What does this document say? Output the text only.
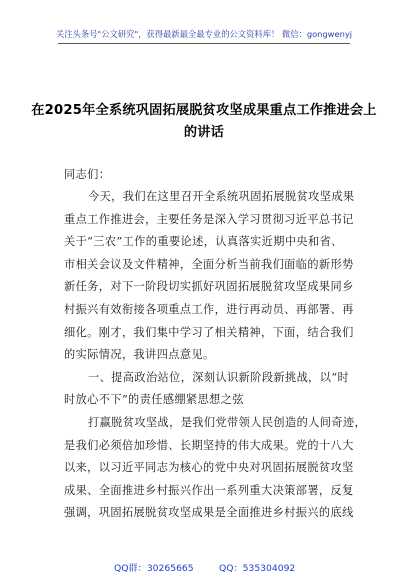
关注头条号"公文研究"，获得最新最全最专业的公文资料库！ 微信：gongwenyj
在2025年全系统巩固拓展脱贫攻坚成果重点工作推进会上
的讲话
同志们：
今天，我们在这里召开全系统巩固拓展脱贫攻坚成果
重点工作推进会，主要任务是深入学习贯彻习近平总书记
关于“三农”工作的重要论述，认真落实近期中央和省、
市相关会议及文件精神，全面分析当前我们面临的新形势
新任务，对下一阶段切实抓好巩固拓展脱贫攻坚成果同乡
村振兴有效衔接各项重点工作，进行再动员、再部署、再
细化。刚才，我们集中学习了相关精神，下面，结合我们
的实际情况，我讲四点意见。
一、提高政治站位，深刻认识新阶段新挑战，以“时
时放心不下”的责任感绷紧思想之弦
打赢脱贫攻坚战，是我们党带领人民创造的人间奇迹，
是我们必须倍加珍惜、长期坚持的伟大成果。党的十八大
以来，以习近平同志为核心的党中央对巩固拓展脱贫攻坚
成果、全面推进乡村振兴作出一系列重大决策部署，反复
强调，巩固拓展脱贫攻坚成果是全面推进乡村振兴的底线
QQ群：30265665	QQ：535304092
